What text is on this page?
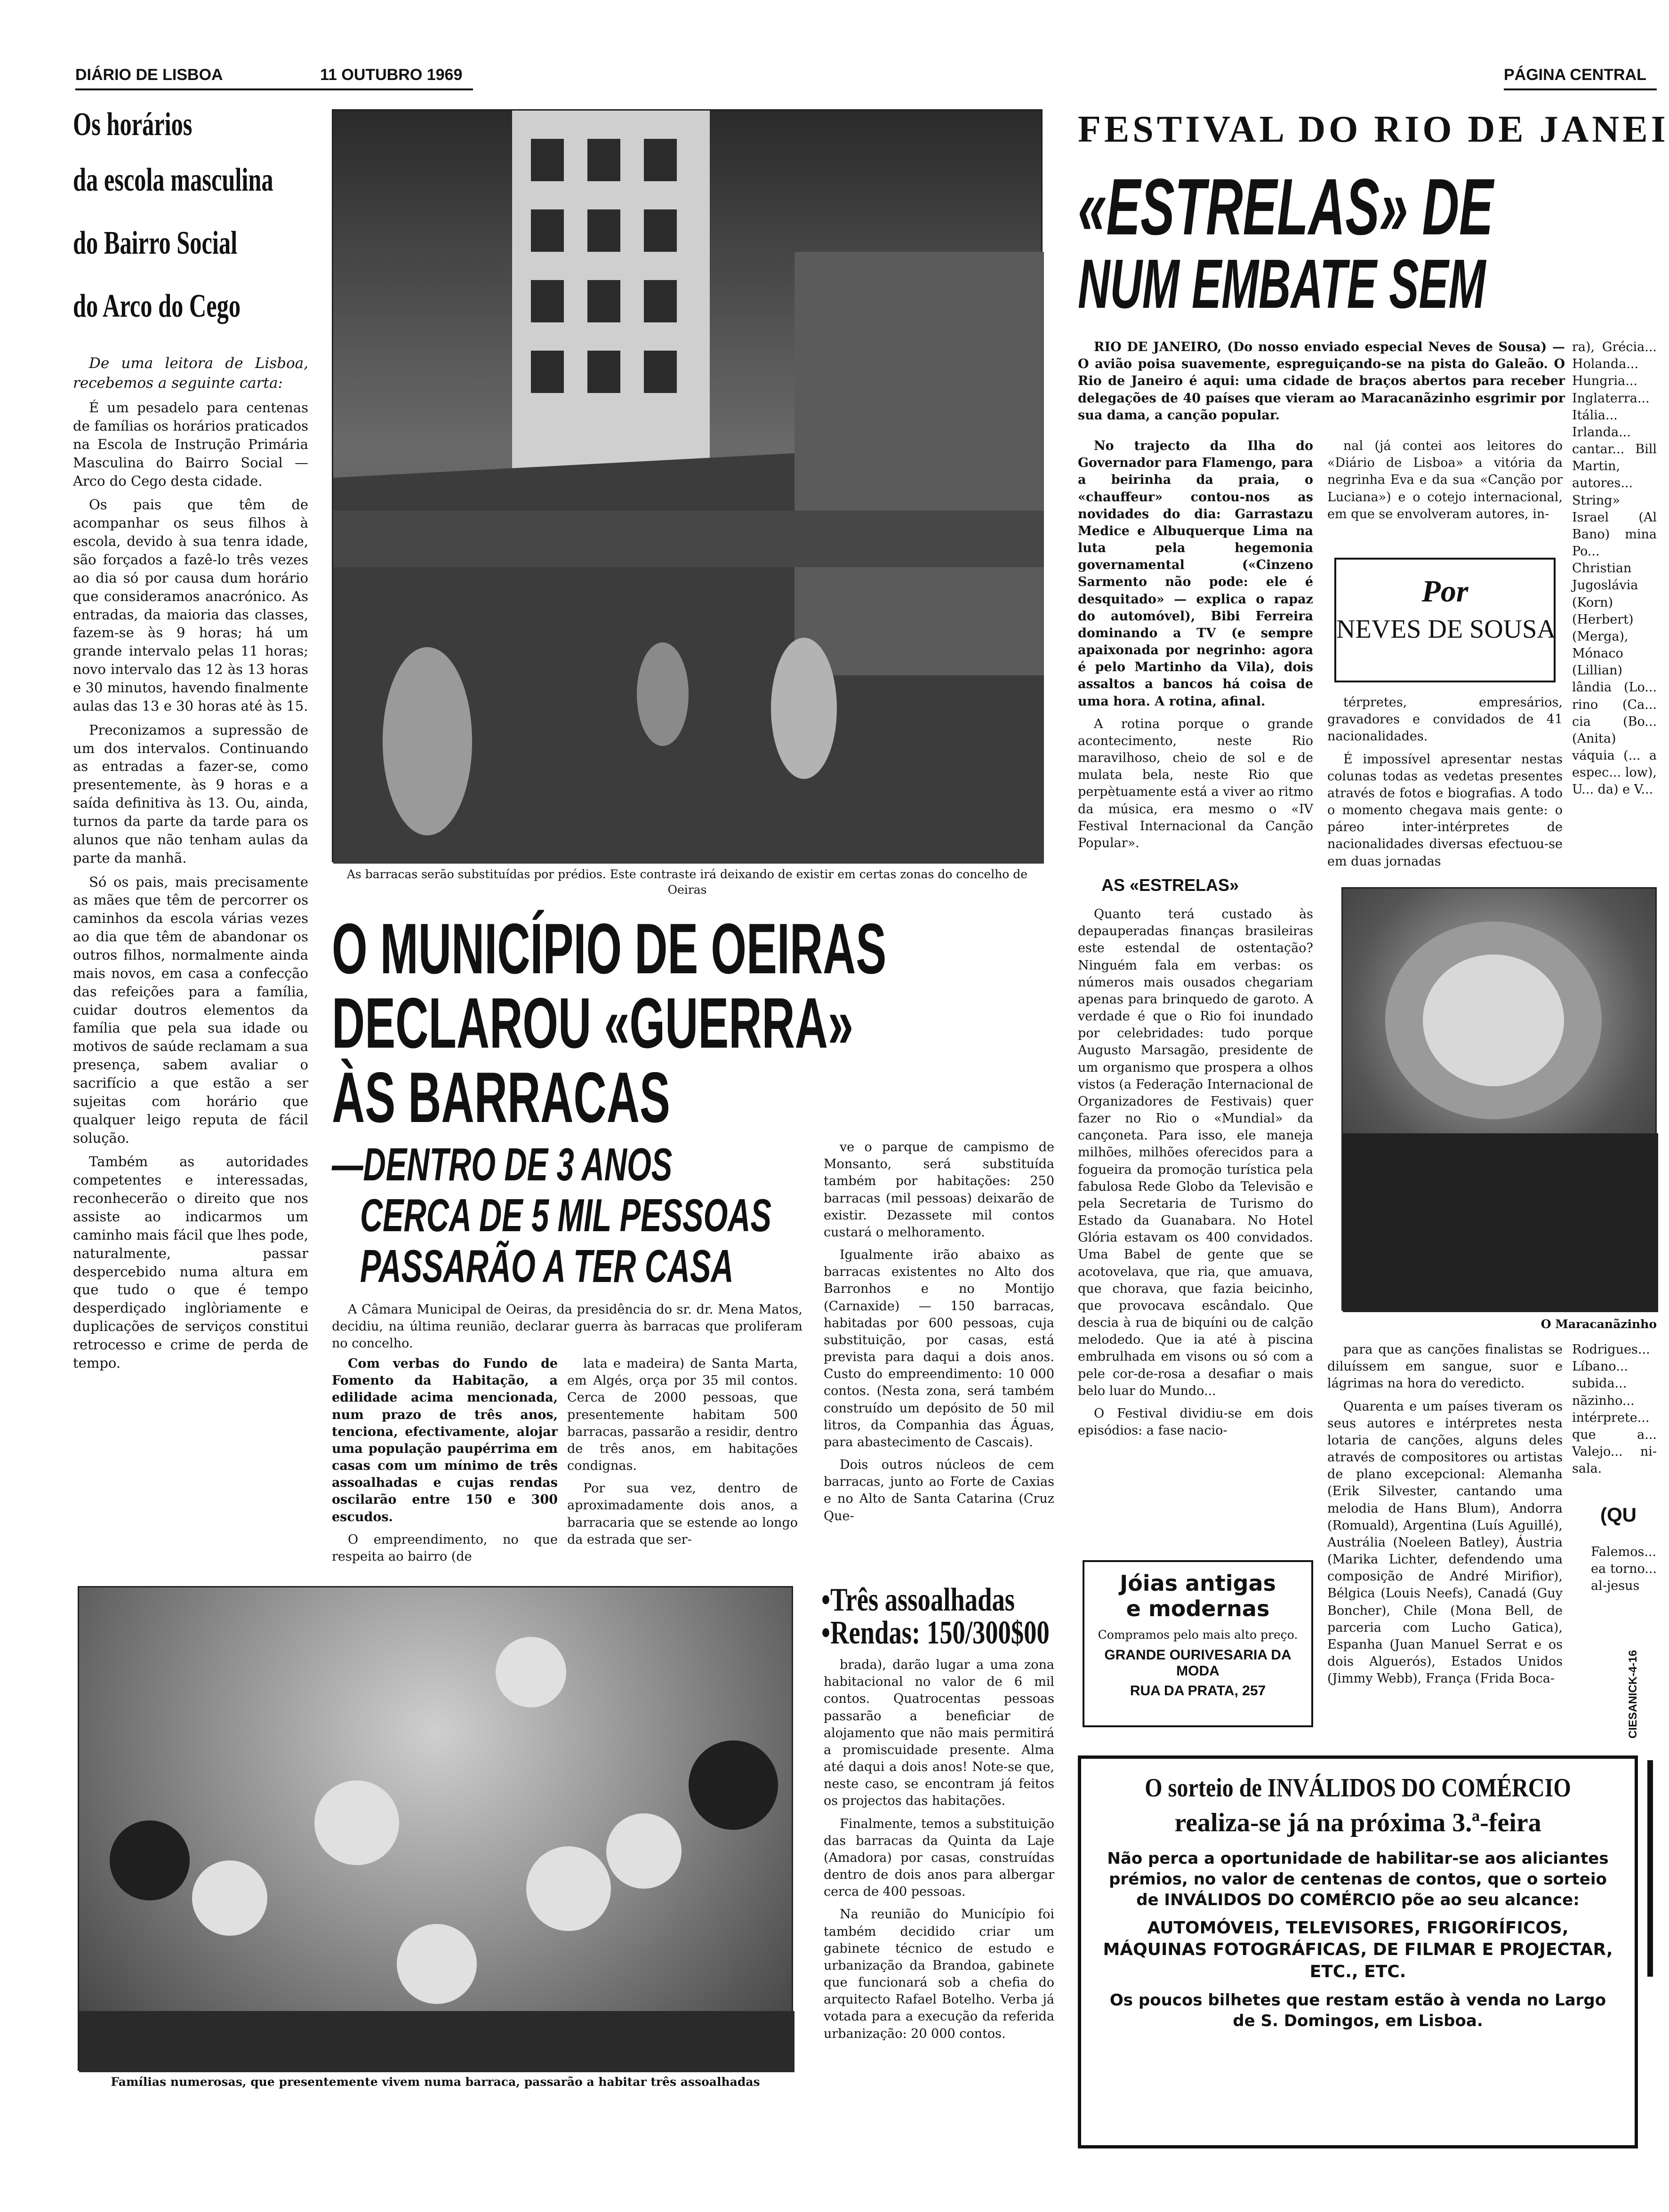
DIÁRIO DE LISBOA	11 OUTUBRO 1969	PÁGINA CENTRAL
Os horários
da escola masculina
do Bairro Social
do Arco do Cego

De uma leitora de Lisboa, recebemos a seguinte carta:

É um pesadelo para centenas de famílias os horários praticados na Escola de Instrução Primária Masculina do Bairro Social — Arco do Cego desta cidade.

Os pais que têm de acompanhar os seus filhos à escola, devido à sua tenra idade, são forçados a fazê-lo três vezes ao dia só por causa dum horário que consideramos anacrónico. As entradas, da maioria das classes, fazem-se às 9 horas; há um grande intervalo pelas 11 horas; novo intervalo das 12 às 13 horas e 30 minutos, havendo finalmente aulas das 13 e 30 horas até às 15.

Preconizamos a supressão de um dos intervalos. Continuando as entradas a fazer-se, como presentemente, às 9 horas e a saída definitiva às 13. Ou, ainda, turnos da parte da tarde para os alunos que não tenham aulas da parte da manhã.

Só os pais, mais precisamente as mães que têm de percorrer os caminhos da escola várias vezes ao dia que têm de abandonar os outros filhos, normalmente ainda mais novos, em casa a confecção das refeições para a família, cuidar doutros elementos da família que pela sua idade ou motivos de saúde reclamam a sua presença, sabem avaliar o sacrifício a que estão a ser sujeitas com horário que qualquer leigo reputa de fácil solução.

Também as autoridades competentes e interessadas, reconhecerão o direito que nos assiste ao indicarmos um caminho mais fácil que lhes pode, naturalmente, passar despercebido numa altura em que tudo o que é tempo desperdiçado inglòriamente e duplicações de serviços constitui retrocesso e crime de perda de tempo.

As barracas serão substituídas por prédios. Este contraste irá deixando de existir em certas zonas do concelho de Oeiras
O MUNICÍPIO DE OEIRAS
DECLAROU «GUERRA»
ÀS BARRACAS
—DENTRO DE 3 ANOS
CERCA DE 5 MIL PESSOAS
PASSARÃO A TER CASA

A Câmara Municipal de Oeiras, da presidência do sr. dr. Mena Matos, decidiu, na última reunião, declarar guerra às barracas que proliferam no concelho.

Com verbas do Fundo de Fomento da Habitação, a edilidade acima mencionada, num prazo de três anos, tenciona, efectivamente, alojar uma população paupérrima em casas com um mínimo de três assoalhadas e cujas rendas oscilarão entre 150 e 300 escudos.

O empreendimento, no que respeita ao bairro (de

lata e madeira) de Santa Marta, em Algés, orça por 35 mil contos. Cerca de 2000 pessoas, que presentemente habitam 500 barracas, passarão a residir, dentro de três anos, em habitações condignas.

Por sua vez, dentro de aproximadamente dois anos, a barracaria que se estende ao longo da estrada que ser-

ve o parque de campismo de Monsanto, será substituída também por habitações: 250 barracas (mil pessoas) deixarão de existir. Dezassete mil contos custará o melhoramento.

Igualmente irão abaixo as barracas existentes no Alto dos Barronhos e no Montijo (Carnaxide) — 150 barracas, habitadas por 600 pessoas, cuja substituição, por casas, está prevista para daqui a dois anos. Custo do empreendimento: 10 000 contos. (Nesta zona, será também construído um depósito de 50 mil litros, da Companhia das Águas, para abastecimento de Cascais).

Dois outros núcleos de cem barracas, junto ao Forte de Caxias e no Alto de Santa Catarina (Cruz Que-

•Três assoalhadas
•Rendas: 150/300$00

brada), darão lugar a uma zona habitacional no valor de 6 mil contos. Quatrocentas pessoas passarão a beneficiar de alojamento que não mais permitirá a promiscuidade presente. Alma até daqui a dois anos! Note-se que, neste caso, se encontram já feitos os projectos das habitações.

Finalmente, temos a substituição das barracas da Quinta da Laje (Amadora) por casas, construídas dentro de dois anos para albergar cerca de 400 pessoas.

Na reunião do Município foi também decidido criar um gabinete técnico de estudo e urbanização da Brandoa, gabinete que funcionará sob a chefia do arquitecto Rafael Botelho. Verba já votada para a execução da referida urbanização: 20 000 contos.

Famílias numerosas, que presentemente vivem numa barraca, passarão a habitar três assoalhadas
FESTIVAL DO RIO DE JANEI
«ESTRELAS» DE
NUM EMBATE SEM

RIO DE JANEIRO, (Do nosso enviado especial Neves de Sousa) — O avião poisa suavemente, espreguiçando-se na pista do Galeão. O Rio de Janeiro é aqui: uma cidade de braços abertos para receber delegações de 40 países que vieram ao Maracanãzinho esgrimir por sua dama, a canção popular.

No trajecto da Ilha do Governador para Flamengo, para a beirinha da praia, o «chauffeur» contou-nos as novidades do dia: Garrastazu Medice e Albuquerque Lima na luta pela hegemonia governamental («Cinzeno Sarmento não pode: ele é desquitado» — explica o rapaz do automóvel), Bibi Ferreira dominando a TV (e sempre apaixonada por negrinho: agora é pelo Martinho da Vila), dois assaltos a bancos há coisa de uma hora. A rotina, afinal.

A rotina porque o grande acontecimento, neste Rio maravilhoso, cheio de sol e de mulata bela, neste Rio que perpètuamente está a viver ao ritmo da música, era mesmo o «IV Festival Internacional da Canção Popular».

AS «ESTRELAS»

Quanto terá custado às depauperadas finanças brasileiras este estendal de ostentação? Ninguém fala em verbas: os números mais ousados chegariam apenas para brinquedo de garoto. A verdade é que o Rio foi inundado por celebridades: tudo porque Augusto Marsagão, presidente de um organismo que prospera a olhos vistos (a Federação Internacional de Organizadores de Festivais) quer fazer no Rio o «Mundial» da cançoneta. Para isso, ele maneja milhões, milhões oferecidos para a fogueira da promoção turística pela fabulosa Rede Globo da Televisão e pela Secretaria de Turismo do Estado da Guanabara. No Hotel Glória estavam os 400 convidados. Uma Babel de gente que se acotovelava, que ria, que amuava, que chorava, que fazia beicinho, que provocava escândalo. Que descia à rua de biquíni ou de calção melodedo. Que ia até à piscina embrulhada em visons ou só com a pele cor-de-rosa a desafiar o mais belo luar do Mundo...

O Festival dividiu-se em dois episódios: a fase nacio-

nal (já contei aos leitores do «Diário de Lisboa» a vitória da negrinha Eva e da sua «Canção por Luciana») e o cotejo internacional, em que se envolveram autores, in-

Por
NEVES DE SOUSA

térpretes, empresários, gravadores e convidados de 41 nacionalidades.

É impossível apresentar nestas colunas todas as vedetas presentes através de fotos e biografias. A todo o momento chegava mais gente: o páreo inter-intérpretes de nacionalidades diversas efectuou-se em duas jornadas

ra), Grécia... Holanda... Hungria... Inglaterra... Itália... Irlanda... cantar... Bill Martin, autores... String» Israel (Al Bano) mina Po... Christian Jugoslávia (Korn) (Herbert) (Merga), Mónaco (Lillian) lândia (Lo... rino (Ca... cia (Bo... (Anita) váquia (... a espec... low), U... da) e V...

O Maracanãzinho

para que as canções finalistas se diluíssem em sangue, suor e lágrimas na hora do veredicto.

Quarenta e um países tiveram os seus autores e intérpretes nesta lotaria de canções, alguns deles através de compositores ou artistas de plano excepcional: Alemanha (Erik Silvester, cantando uma melodia de Hans Blum), Andorra (Romuald), Argentina (Luís Aguillé), Austrália (Noeleen Batley), Áustria (Marika Lichter, defendendo uma composição de André Mirifior), Bélgica (Louis Neefs), Canadá (Guy Boncher), Chile (Mona Bell, de parceria com Lucho Gatica), Espanha (Juan Manuel Serrat e os dois Alguerós), Estados Unidos (Jimmy Webb), França (Frida Boca-

Rodrigues... Líbano... subida... nãzinho... intérprete... que a... Valejo... ni-sala.

(QU

Falemos... ea torno... al-jesus

Jóias antigas
e modernas
Compramos pelo mais alto preço.
GRANDE OURIVESARIA DA MODA
RUA DA PRATA, 257	CIESANICK-4-16
O sorteio de INVÁLIDOS DO COMÉRCIO
realiza-se já na próxima 3.ª-feira
Não perca a oportunidade de habilitar-se aos aliciantes prémios, no valor de centenas de contos, que o sorteio de INVÁLIDOS DO COMÉRCIO põe ao seu alcance:
AUTOMÓVEIS, TELEVISORES, FRIGORÍFICOS, MÁQUINAS FOTOGRÁFICAS, DE FILMAR E PROJECTAR, ETC., ETC.
Os poucos bilhetes que restam estão à venda no Largo de S. Domingos, em Lisboa.
